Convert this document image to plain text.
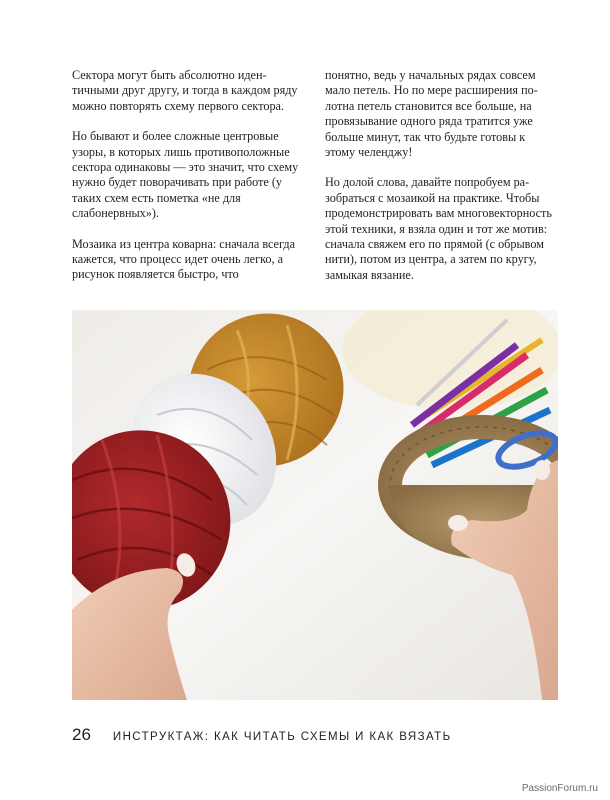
Сектора могут быть абсолютно идентичными друг другу, и тогда в каждом ряду можно повторять схему первого сектора.

Но бывают и более сложные центровые узоры, в которых лишь противоположные сектора одинаковы — это значит, что схему нужно будет поворачивать при работе (у таких схем есть пометка «не для слабонервных»).

Мозаика из центра коварна: сначала всегда кажется, что процесс идет очень легко, а рисунок появляется быстро, что

понятно, ведь у начальных рядах совсем мало петель. Но по мере расширения полотна петель становится все больше, на провязывание одного ряда тратится уже больше минут, так что будьте готовы к этому челенджу!

Но долой слова, давайте попробуем разобраться с мозаикой на практике. Чтобы продемонстрировать вам многовекторность этой техники, я взяла один и тот же мотив: сначала свяжем его по прямой (с обрывом нити), потом из центра, а затем по кругу, замыкая вязание.

26 ИНСТРУКТАЖ: КАК ЧИТАТЬ СХЕМЫ И КАК ВЯЗАТЬ
PassionForum.ru
